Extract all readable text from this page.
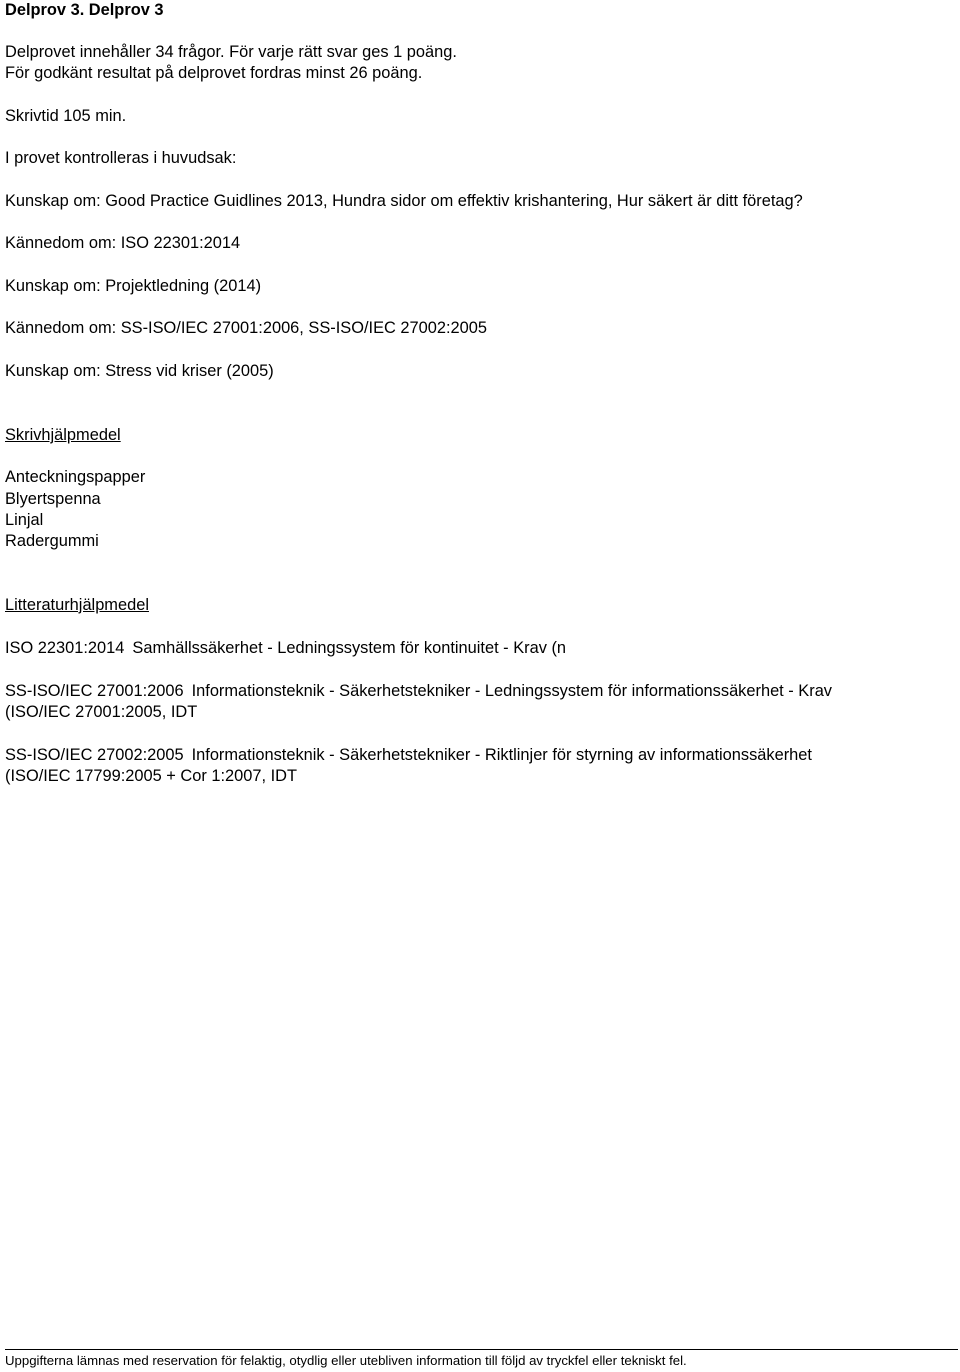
Delprov 3. Delprov 3
Delprovet innehåller 34 frågor. För varje rätt svar ges 1 poäng.
För godkänt resultat på delprovet fordras minst 26 poäng.
Skrivtid 105 min.
I provet kontrolleras i huvudsak:
Kunskap om: Good Practice Guidlines 2013, Hundra sidor om effektiv krishantering, Hur säkert är ditt företag?
Kännedom om: ISO 22301:2014
Kunskap om: Projektledning (2014)
Kännedom om: SS-ISO/IEC 27001:2006, SS-ISO/IEC 27002:2005
Kunskap om: Stress vid kriser (2005)
Skrivhjälpmedel
Anteckningspapper
Blyertspenna
Linjal
Radergummi
Litteraturhjälpmedel
ISO 22301:2014 Samhällssäkerhet - Ledningssystem för kontinuitet - Krav (n
SS-ISO/IEC 27001:2006 Informationsteknik - Säkerhetstekniker - Ledningssystem för informationssäkerhet - Krav
(ISO/IEC 27001:2005, IDT
SS-ISO/IEC 27002:2005 Informationsteknik - Säkerhetstekniker - Riktlinjer för styrning av informationssäkerhet
(ISO/IEC 17799:2005 + Cor 1:2007, IDT
Uppgifterna lämnas med reservation för felaktig, otydlig eller utebliven information till följd av tryckfel eller tekniskt fel.
